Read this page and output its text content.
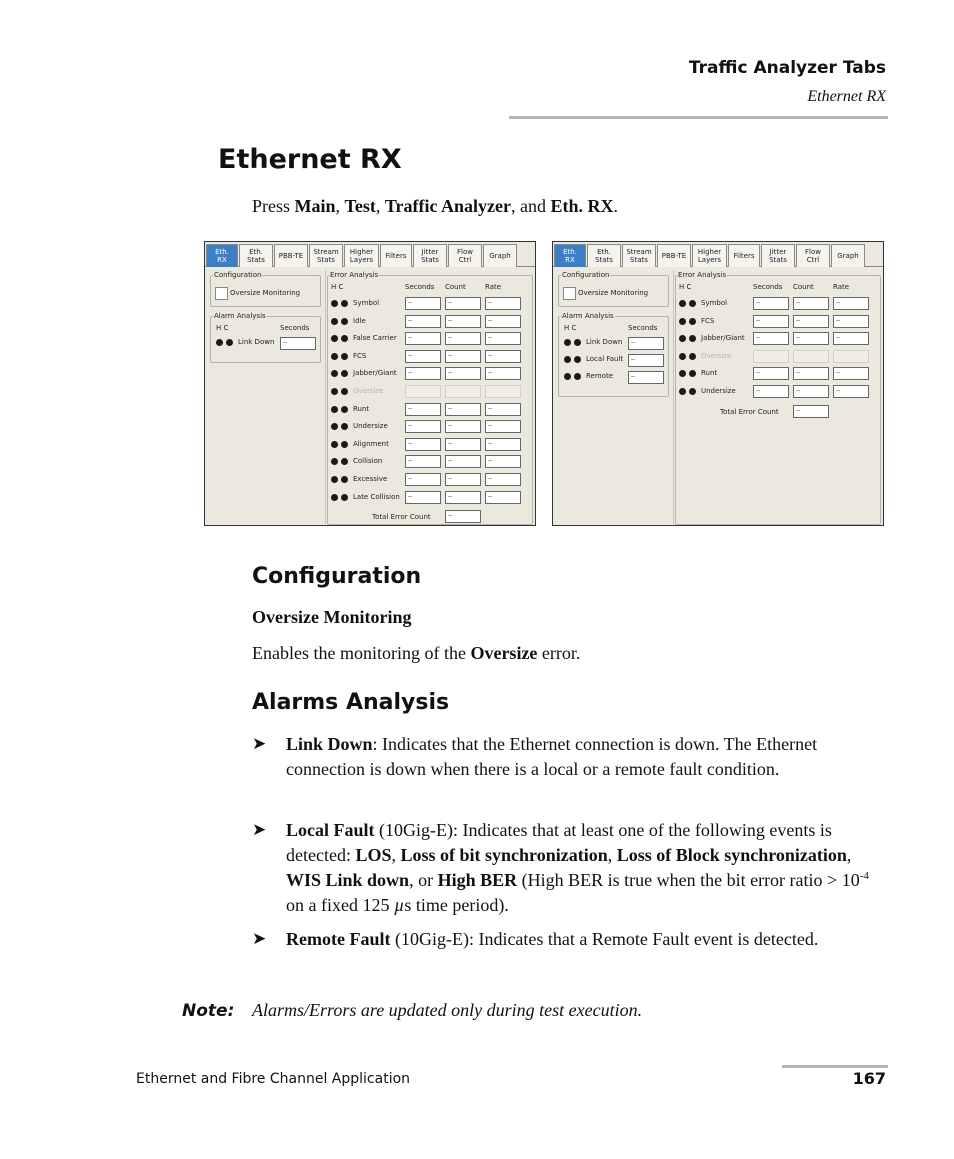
Traffic Analyzer Tabs
Ethernet RX
Ethernet RX

Press Main, Test, Traffic Analyzer, and Eth. RX.

Eth.
RX
Eth.
Stats	PBB-TE	Stream
Stats
Higher
Layers	Filters	Jitter
Stats
Flow
Ctrl	Graph
Configuration
Oversize Monitoring
Alarm Analysis
H C	Seconds
Link Down	--
Error Analysis
H C	Seconds Count	Rate
Symbol	--	--	--
Idle	--	--	--
False Carrier	--	--	--
FCS	--	--	--
Jabber/Giant	--	--	--
Oversize
Runt	--	--	--
Undersize	--	--	--
Alignment	--	--	--
Collision	--	--	--
Excessive	--	--	--
Late Collision	--	--	--
Total Error Count	--
Eth.
RX
Eth.
Stats
Stream
Stats	PBB-TE	Higher
Layers	Filters	Jitter
Stats
Flow
Ctrl	Graph
Configuration
Oversize Monitoring
Alarm Analysis
H C	Seconds
Link Down	--
Local Fault	--
Remote	--
Error Analysis
H C	Seconds Count	Rate
Symbol	--	--	--
FCS	--	--	--
Jabber/Giant	--	--	--
Oversize
Runt	--	--	--
Undersize	--	--	--
Total Error Count	--
Configuration
Oversize Monitoring

Enables the monitoring of the Oversize error.

Alarms Analysis
➤ Link Down: Indicates that the Ethernet connection is down. The Ethernet connection is down when there is a local or a remote fault condition.

➤ Local Fault (10Gig-E): Indicates that at least one of the following events is detected: LOS, Loss of bit synchronization, Loss of Block synchronization, WIS Link down, or High BER (High BER is true when the bit error ratio > $10^{-4}$ on a fixed 125 µs time period).

➤ Remote Fault (10Gig-E): Indicates that a Remote Fault event is detected.

Note: Alarms/Errors are updated only during test execution.
Ethernet and Fibre Channel Application	167
